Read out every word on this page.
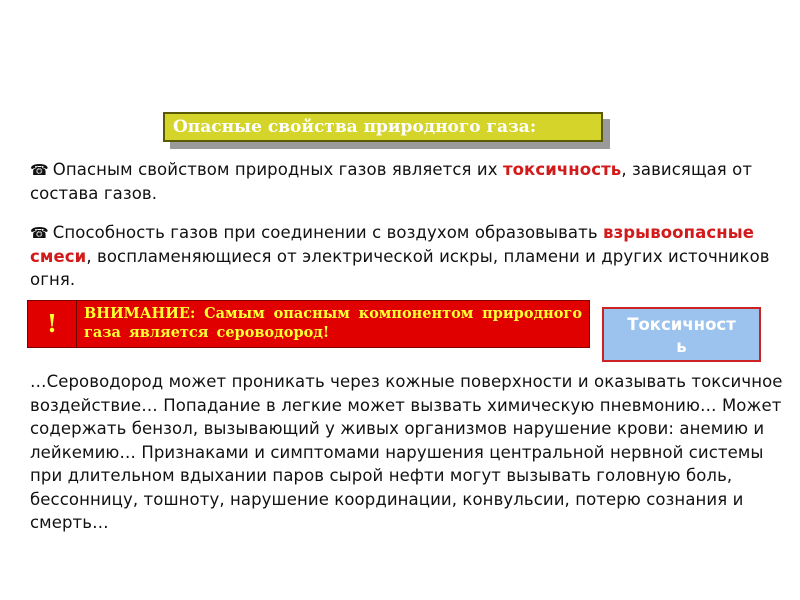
Опасные свойства природного газа:
☎ Опасным свойством природных газов является их токсичность, зависящая от состава газов.
☎ Способность газов при соединении с воздухом образовывать взрывоопасные смеси, воспламеняющиеся от электрической искры, пламени и других источников огня.
!	ВНИМАНИЕ: Самым опасным компонентом природного газа является сероводород!	Токсичност
ь
…Сероводород может проникать через кожные поверхности и оказывать токсичное воздействие… Попадание в легкие может вызвать химическую пневмонию… Может содержать бензол, вызывающий у живых организмов нарушение крови: анемию и лейкемию… Признаками и симптомами нарушения центральной нервной системы при длительном вдыхании паров сырой нефти могут вызывать головную боль, бессонницу, тошноту, нарушение координации, конвульсии, потерю сознания и смерть…
